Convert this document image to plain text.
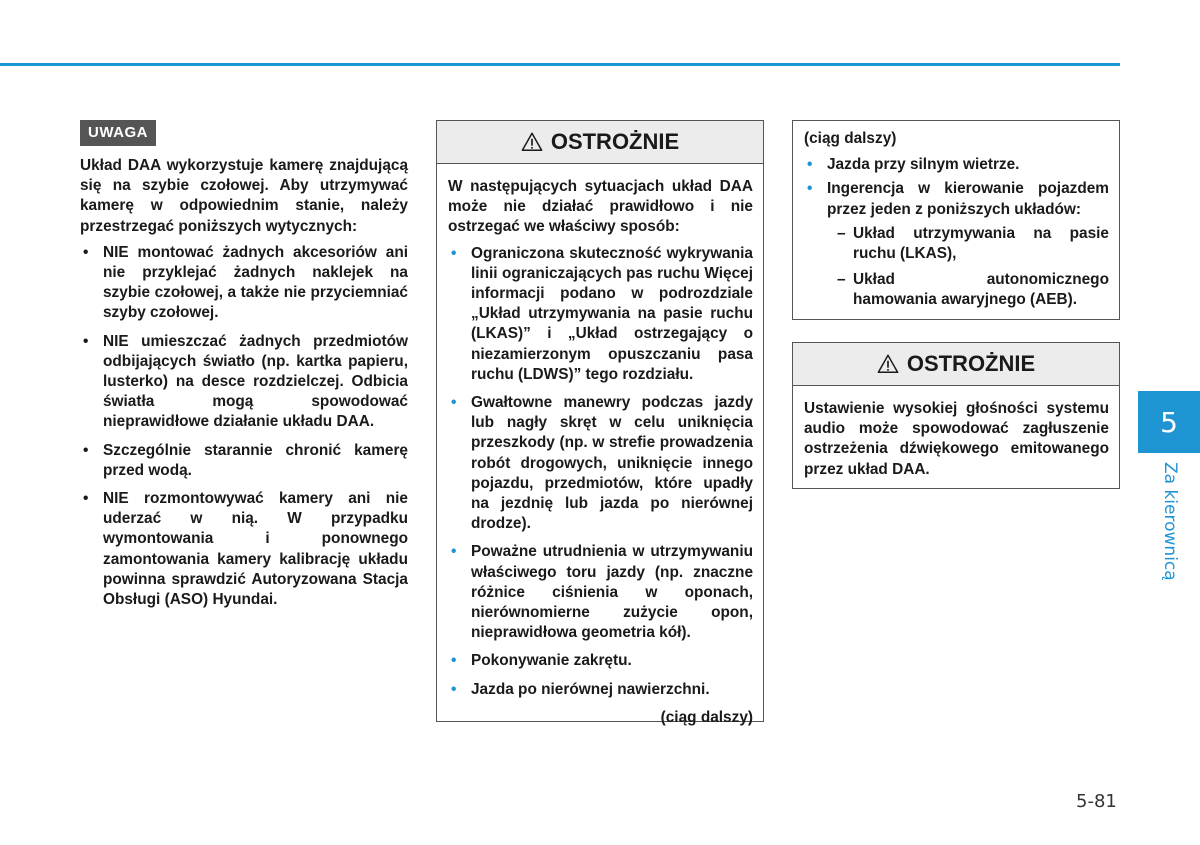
UWAGA

Układ DAA wykorzystuje kamerę znajdującą się na szybie czołowej. Aby utrzymywać kamerę w odpowiednim stanie, należy przestrzegać poniższych wytycznych:

• NIE montować żadnych akcesoriów ani nie przyklejać żadnych naklejek na szybie czołowej, a także nie przyciemniać szyby czołowej.
• NIE umieszczać żadnych przedmiotów odbijających światło (np. kartka papieru, lusterko) na desce rozdzielczej. Odbicia światła mogą spowodować nieprawidłowe działanie układu DAA.
• Szczególnie starannie chronić kamerę przed wodą.
• NIE rozmontowywać kamery ani nie uderzać w nią. W przypadku wymontowania i ponownego zamontowania kamery kalibrację układu powinna sprawdzić Autoryzowana Stacja Obsługi (ASO) Hyundai.
OSTROŻNIE

W następujących sytuacjach układ DAA może nie działać prawidłowo i nie ostrzegać we właściwy sposób:

• Ograniczona skuteczność wykrywania linii ograniczających pas ruchu Więcej informacji podano w podrozdziale „Układ utrzymywania na pasie ruchu (LKAS)” i „Układ ostrzegający o niezamierzonym opuszczaniu pasa ruchu (LDWS)” tego rozdziału.
• Gwałtowne manewry podczas jazdy lub nagły skręt w celu uniknięcia przeszkody (np. w strefie prowadzenia robót drogowych, uniknięcie innego pojazdu, przedmiotów, które upadły na jezdnię lub jazda po nierównej drodze).
• Poważne utrudnienia w utrzymywaniu właściwego toru jazdy (np. znaczne różnice ciśnienia w oponach, nierównomierne zużycie opon, nieprawidłowa geometria kół).
• Pokonywanie zakrętu.
• Jazda po nierównej nawierzchni.
(ciąg dalszy)
(ciąg dalszy)
• Jazda przy silnym wietrze.
• Ingerencja w kierowanie pojazdem przez jeden z poniższych układów:
– Układ utrzymywania na pasie ruchu (LKAS),
– Układ autonomicznego hamowania awaryjnego (AEB).
OSTROŻNIE

Ustawienie wysokiej głośności systemu audio może spowodować zagłuszenie ostrzeżenia dźwiękowego emitowanego przez układ DAA.

5
Za kierownicą
5-81
